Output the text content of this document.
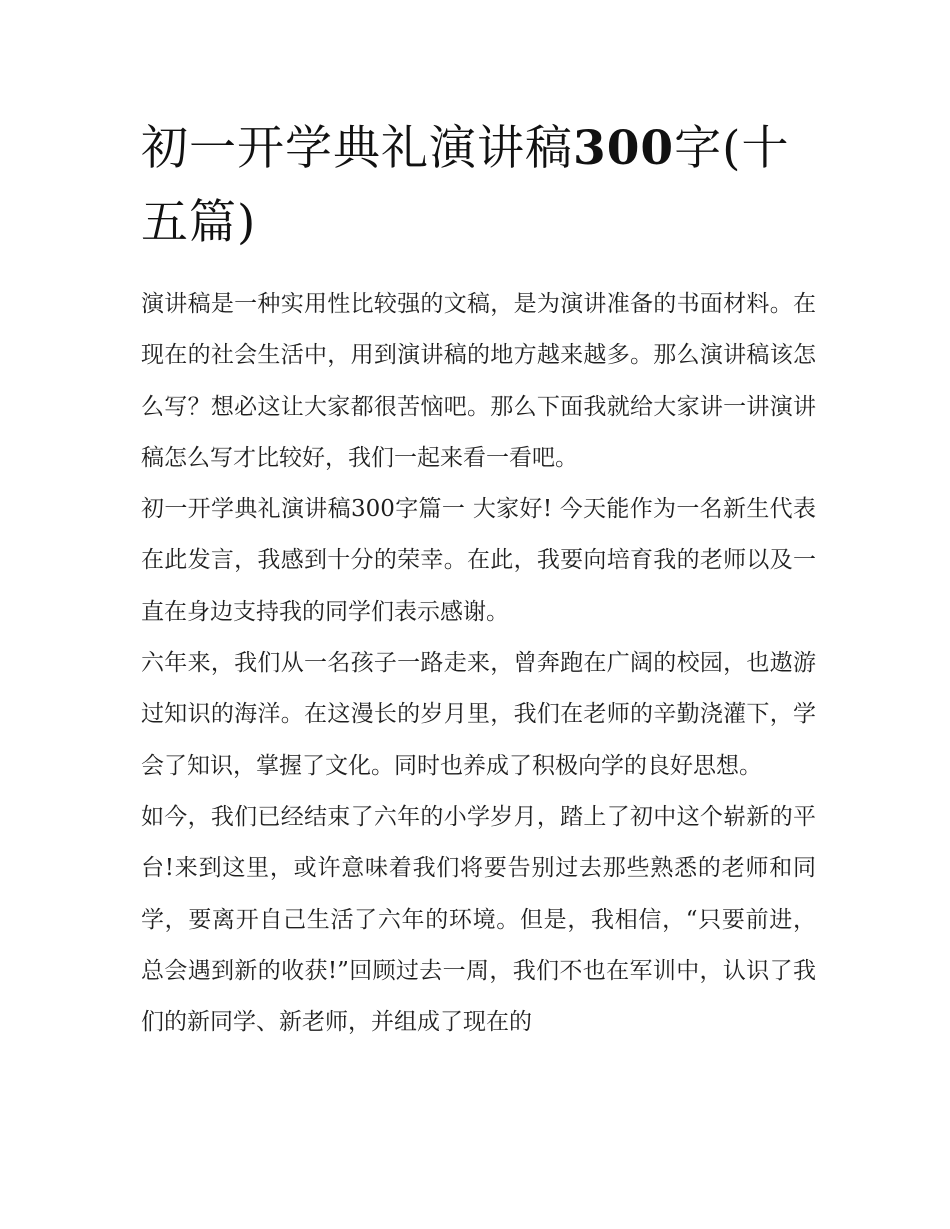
初一开学典礼演讲稿300字(十五篇)

演讲稿是一种实用性比较强的文稿，是为演讲准备的书面材料。在现在的社会生活中，用到演讲稿的地方越来越多。那么演讲稿该怎么写？想必这让大家都很苦恼吧。那么下面我就给大家讲一讲演讲稿怎么写才比较好，我们一起来看一看吧。

初一开学典礼演讲稿300字篇一 大家好! 今天能作为一名新生代表在此发言，我感到十分的荣幸。在此，我要向培育我的老师以及一直在身边支持我的同学们表示感谢。

六年来，我们从一名孩子一路走来，曾奔跑在广阔的校园，也遨游过知识的海洋。在这漫长的岁月里，我们在老师的辛勤浇灌下，学会了知识，掌握了文化。同时也养成了积极向学的良好思想。

如今，我们已经结束了六年的小学岁月，踏上了初中这个崭新的平台!来到这里，或许意味着我们将要告别过去那些熟悉的老师和同学，要离开自己生活了六年的环境。但是，我相信，“只要前进，总会遇到新的收获!”回顾过去一周，我们不也在军训中，认识了我们的新同学、新老师，并组成了现在的
